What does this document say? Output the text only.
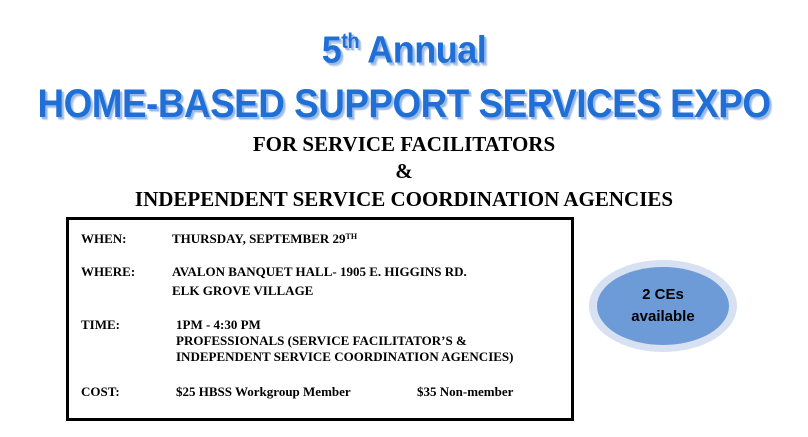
5th Annual
HOME-BASED SUPPORT SERVICES EXPO
FOR SERVICE FACILITATORS
&
INDEPENDENT SERVICE COORDINATION AGENCIES
WHEN:	THURSDAY, SEPTEMBER 29TH
WHERE:	AVALON BANQUET HALL- 1905 E. HIGGINS RD.
ELK GROVE VILLAGE
TIME:	1PM - 4:30 PM
PROFESSIONALS (SERVICE FACILITATOR’S &
INDEPENDENT SERVICE COORDINATION AGENCIES)
COST:	$25 HBSS Workgroup Member	$35 Non-member
2 CEs
available
